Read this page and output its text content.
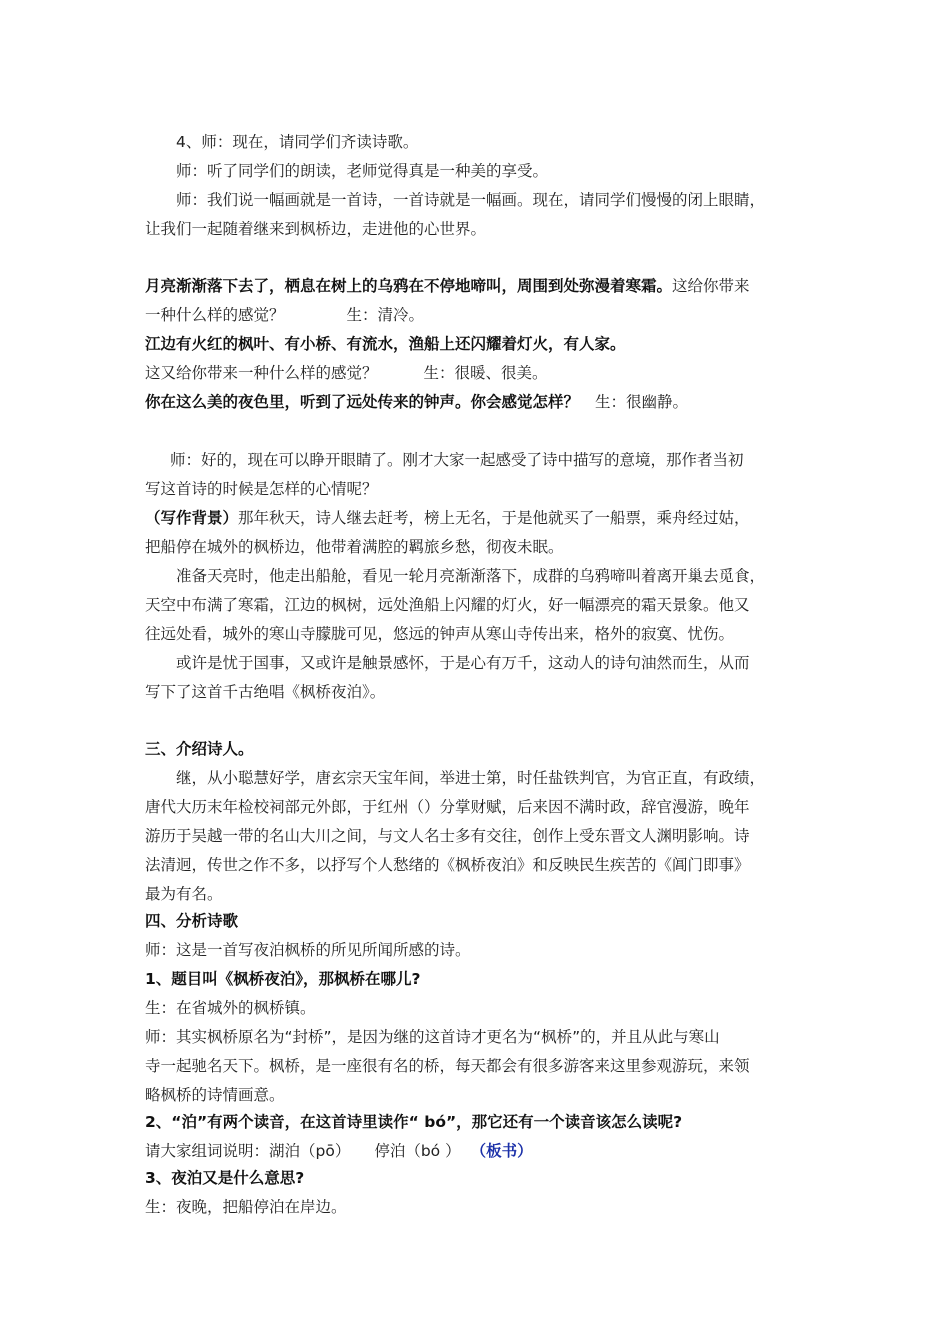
4、师：现在，请同学们齐读诗歌。
师：听了同学们的朗读，老师觉得真是一种美的享受。
师：我们说一幅画就是一首诗，一首诗就是一幅画。现在，请同学们慢慢的闭上眼睛，
让我们一起随着继来到枫桥边，走进他的心世界。
月亮渐渐落下去了，栖息在树上的乌鸦在不停地啼叫，周围到处弥漫着寒霜。这给你带来
一种什么样的感觉？	生：清冷。
江边有火红的枫叶、有小桥、有流水，渔船上还闪耀着灯火，有人家。
这又给你带来一种什么样的感觉？	生：很暖、很美。
你在这么美的夜色里，听到了远处传来的钟声。你会感觉怎样？ 生：很幽静。
师：好的，现在可以睁开眼睛了。刚才大家一起感受了诗中描写的意境，那作者当初
写这首诗的时候是怎样的心情呢？
（写作背景）那年秋天，诗人继去赶考，榜上无名，于是他就买了一船票，乘舟经过姑，
把船停在城外的枫桥边，他带着满腔的羁旅乡愁，彻夜未眠。
准备天亮时，他走出船舱，看见一轮月亮渐渐落下，成群的乌鸦啼叫着离开巢去觅食，
天空中布满了寒霜，江边的枫树，远处渔船上闪耀的灯火，好一幅漂亮的霜天景象。他又
往远处看，城外的寒山寺朦胧可见，悠远的钟声从寒山寺传出来，格外的寂寞、忧伤。
或许是忧于国事，又或许是触景感怀，于是心有万千，这动人的诗句油然而生，从而
写下了这首千古绝唱《枫桥夜泊》。
三、介绍诗人。
继，从小聪慧好学，唐玄宗天宝年间，举进士第，时任盐铁判官，为官正直，有政绩，
唐代大历末年检校祠部元外郎，于红州（）分掌财赋，后来因不满时政，辞官漫游，晚年
游历于吴越一带的名山大川之间，与文人名士多有交往，创作上受东晋文人渊明影响。诗
法清迥，传世之作不多，以抒写个人愁绪的《枫桥夜泊》和反映民生疾苦的《阊门即事》
最为有名。
四、分析诗歌
师：这是一首写夜泊枫桥的所见所闻所感的诗。
1、题目叫《枫桥夜泊》，那枫桥在哪儿?
生：在省城外的枫桥镇。
师：其实枫桥原名为“封桥”，是因为继的这首诗才更名为“枫桥”的，并且从此与寒山
寺一起驰名天下。枫桥，是一座很有名的桥，每天都会有很多游客来这里参观游玩，来领
略枫桥的诗情画意。
2、“泊”有两个读音，在这首诗里读作“ bó”，那它还有一个读音该怎么读呢?
请大家组词说明：湖泊（pō） 停泊（bó ） （板书）
3、夜泊又是什么意思?
生：夜晚，把船停泊在岸边。
